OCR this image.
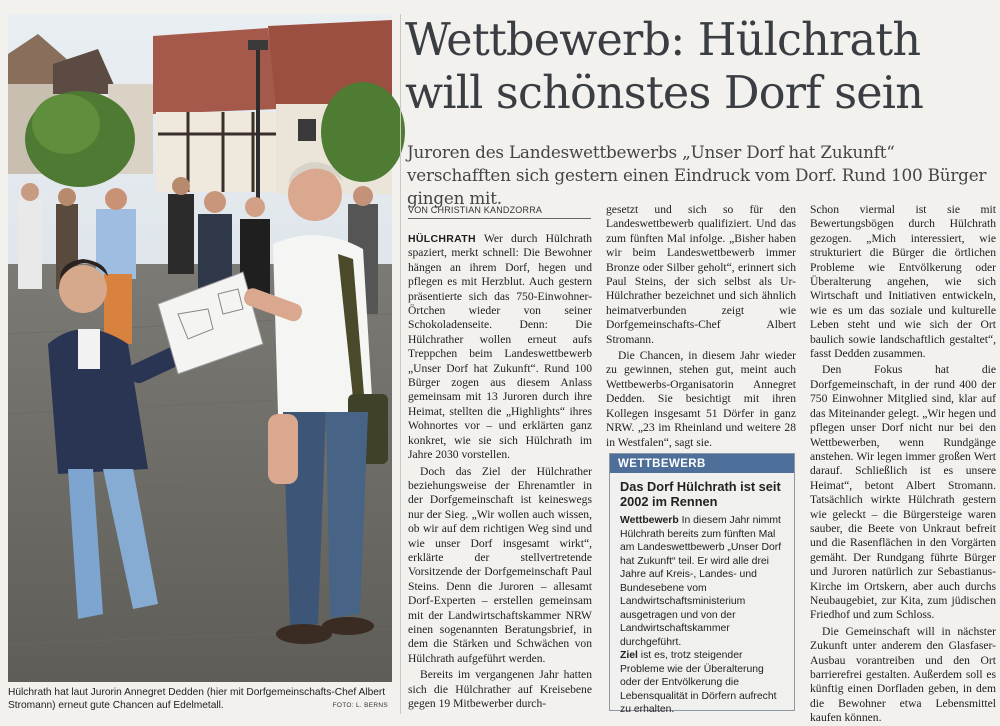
Hülchrath hat laut Jurorin Annegret Dedden (hier mit Dorfgemeinschafts-Chef Albert Stromann) erneut gute Chancen auf Edelmetall.	FOTO: L. BERNS
Wettbewerb: Hülchrath will schönstes Dorf sein

Juroren des Landeswettbewerbs „Unser Dorf hat Zukunft“ verschafften sich gestern einen Eindruck vom Dorf. Rund 100 Bürger gingen mit.

VON CHRISTIAN KANDZORRA

HÜLCHRATH Wer durch Hülchrath spaziert, merkt schnell: Die Bewohner hängen an ihrem Dorf, hegen und pflegen es mit Herzblut. Auch gestern präsentierte sich das 750-Einwohner-Örtchen wieder von seiner Schokoladenseite. Denn: Die Hülchrather wollen erneut aufs Treppchen beim Landeswettbewerb „Unser Dorf hat Zukunft“. Rund 100 Bürger zogen aus diesem Anlass gemeinsam mit 13 Juroren durch ihre Heimat, stellten die „Highlights“ ihres Wohnortes vor – und erklärten ganz konkret, wie sie sich Hülchrath im Jahre 2030 vorstellen.

Doch das Ziel der Hülchrather beziehungsweise der Ehrenamtler in der Dorfgemeinschaft ist keineswegs nur der Sieg. „Wir wollen auch wissen, ob wir auf dem richtigen Weg sind und wie unser Dorf insgesamt wirkt“, erklärte der stellvertretende Vorsitzende der Dorfgemeinschaft Paul Steins. Denn die Juroren – allesamt Dorf-Experten – erstellen gemeinsam mit der Landwirtschaftskammer NRW einen sogenannten Beratungsbrief, in dem die Stärken und Schwächen von Hülchrath aufgeführt werden.

Bereits im vergangenen Jahr hatten sich die Hülchrather auf Kreisebene gegen 19 Mitbewerber durch-

gesetzt und sich so für den Landeswettbewerb qualifiziert. Und das zum fünften Mal infolge. „Bisher haben wir beim Landeswettbewerb immer Bronze oder Silber geholt“, erinnert sich Paul Steins, der sich selbst als Ur-Hülchrather bezeichnet und sich ähnlich heimatverbunden zeigt wie Dorfgemeinschafts-Chef Albert Stromann.

Die Chancen, in diesem Jahr wieder zu gewinnen, stehen gut, meint auch Wettbewerbs-Organisatorin Annegret Dedden. Sie besichtigt mit ihren Kollegen insgesamt 51 Dörfer in ganz NRW. „23 im Rheinland und weitere 28 in Westfalen“, sagt sie.

WETTBEWERB
Das Dorf Hülchrath ist seit 2002 im Rennen

Wettbewerb In diesem Jahr nimmt Hülchrath bereits zum fünften Mal am Landeswettbewerb „Unser Dorf hat Zukunft“ teil. Er wird alle drei Jahre auf Kreis-, Landes- und Bundesebene vom Landwirtschaftsministerium ausgetragen und von der Landwirtschaftskammer durchgeführt.

Ziel ist es, trotz steigender Probleme wie der Überalterung oder der Entvölkerung die Lebensqualität in Dörfern aufrecht zu erhalten.

Schon viermal ist sie mit Bewertungsbögen durch Hülchrath gezogen. „Mich interessiert, wie strukturiert die Bürger die örtlichen Probleme wie Entvölkerung oder Überalterung angehen, wie sich Wirtschaft und Initiativen entwickeln, wie es um das soziale und kulturelle Leben steht und wie sich der Ort baulich sowie landschaftlich gestaltet“, fasst Dedden zusammen.

Den Fokus hat die Dorfgemeinschaft, in der rund 400 der 750 Einwohner Mitglied sind, klar auf das Miteinander gelegt. „Wir hegen und pflegen unser Dorf nicht nur bei den Wettbewerben, wenn Rundgänge anstehen. Wir legen immer großen Wert darauf. Schließlich ist es unsere Heimat“, betont Albert Stromann. Tatsächlich wirkte Hülchrath gestern wie geleckt – die Bürgersteige waren sauber, die Beete von Unkraut befreit und die Rasenflächen in den Vorgärten gemäht. Der Rundgang führte Bürger und Juroren natürlich zur Sebastianus-Kirche im Ortskern, aber auch durchs Neubaugebiet, zur Kita, zum jüdischen Friedhof und zum Schloss.

Die Gemeinschaft will in nächster Zukunft unter anderem den Glasfaser-Ausbau vorantreiben und den Ort barrierefrei gestalten. Außerdem soll es künftig einen Dorfladen geben, in dem die Bewohner etwa Lebensmittel kaufen können.
